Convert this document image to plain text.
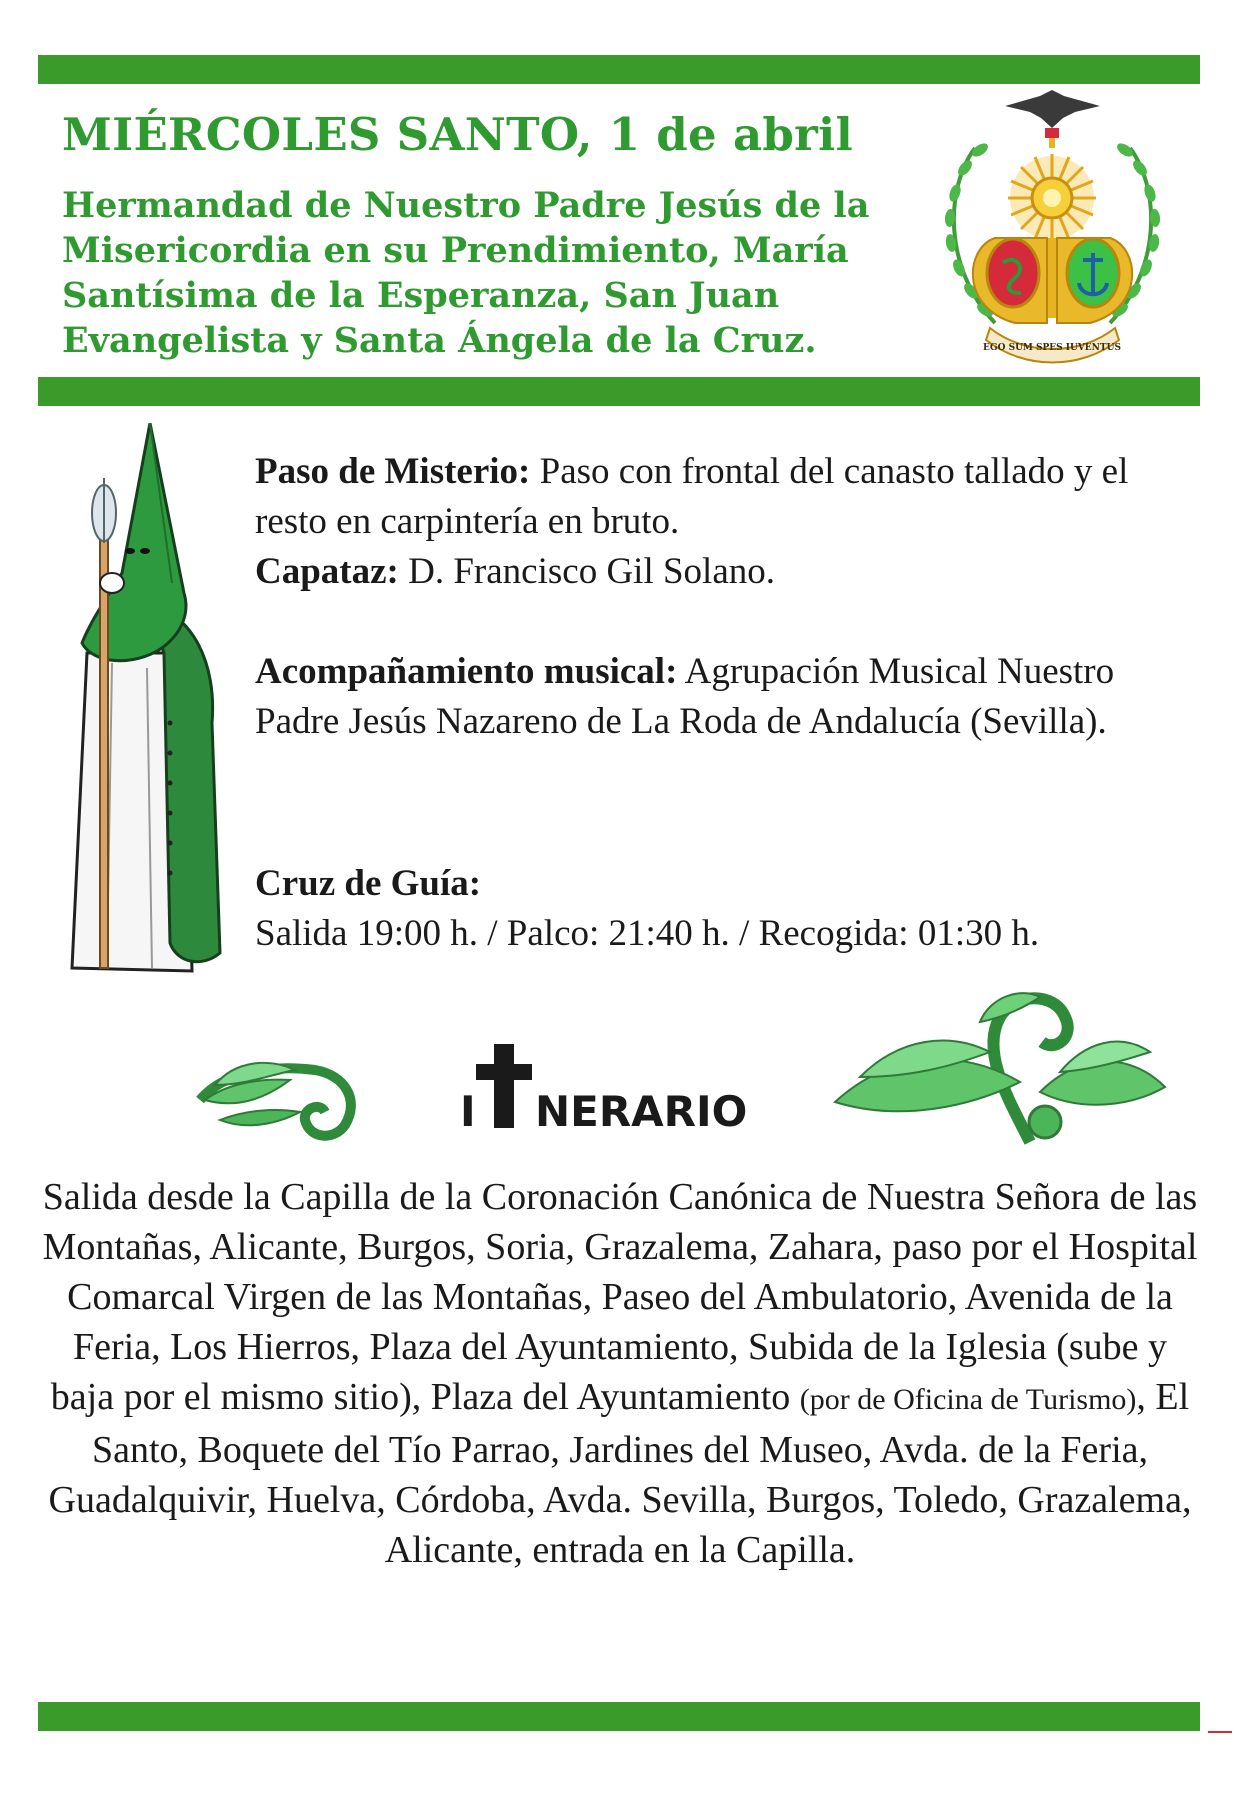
MIÉRCOLES SANTO, 1 de abril

Hermandad de Nuestro Padre Jesús de la Misericordia en su Prendimiento, María Santísima de la Esperanza, San Juan Evangelista y Santa Ángela de la Cruz.	EGO SUM SPES IUVENTUS

Paso de Misterio: Paso con frontal del canasto tallado y el resto en carpintería en bruto.
Capataz: D. Francisco Gil Solano.

Acompañamiento musical: Agrupación Musical Nuestro Padre Jesús Nazareno de La Roda de Andalucía (Sevilla).

Cruz de Guía:
Salida 19:00 h. / Palco: 21:40 h. / Recogida: 01:30 h.

I NERARIO

Salida desde la Capilla de la Coronación Canónica de Nuestra Señora de las Montañas, Alicante, Burgos, Soria, Grazalema, Zahara, paso por el Hospital Comarcal Virgen de las Montañas, Paseo del Ambulatorio, Avenida de la Feria, Los Hierros, Plaza del Ayuntamiento, Subida de la Iglesia (sube y baja por el mismo sitio), Plaza del Ayuntamiento (por de Oficina de Turismo), El Santo, Boquete del Tío Parrao, Jardines del Museo, Avda. de la Feria, Guadalquivir, Huelva, Córdoba, Avda. Sevilla, Burgos, Toledo, Grazalema, Alicante, entrada en la Capilla.
